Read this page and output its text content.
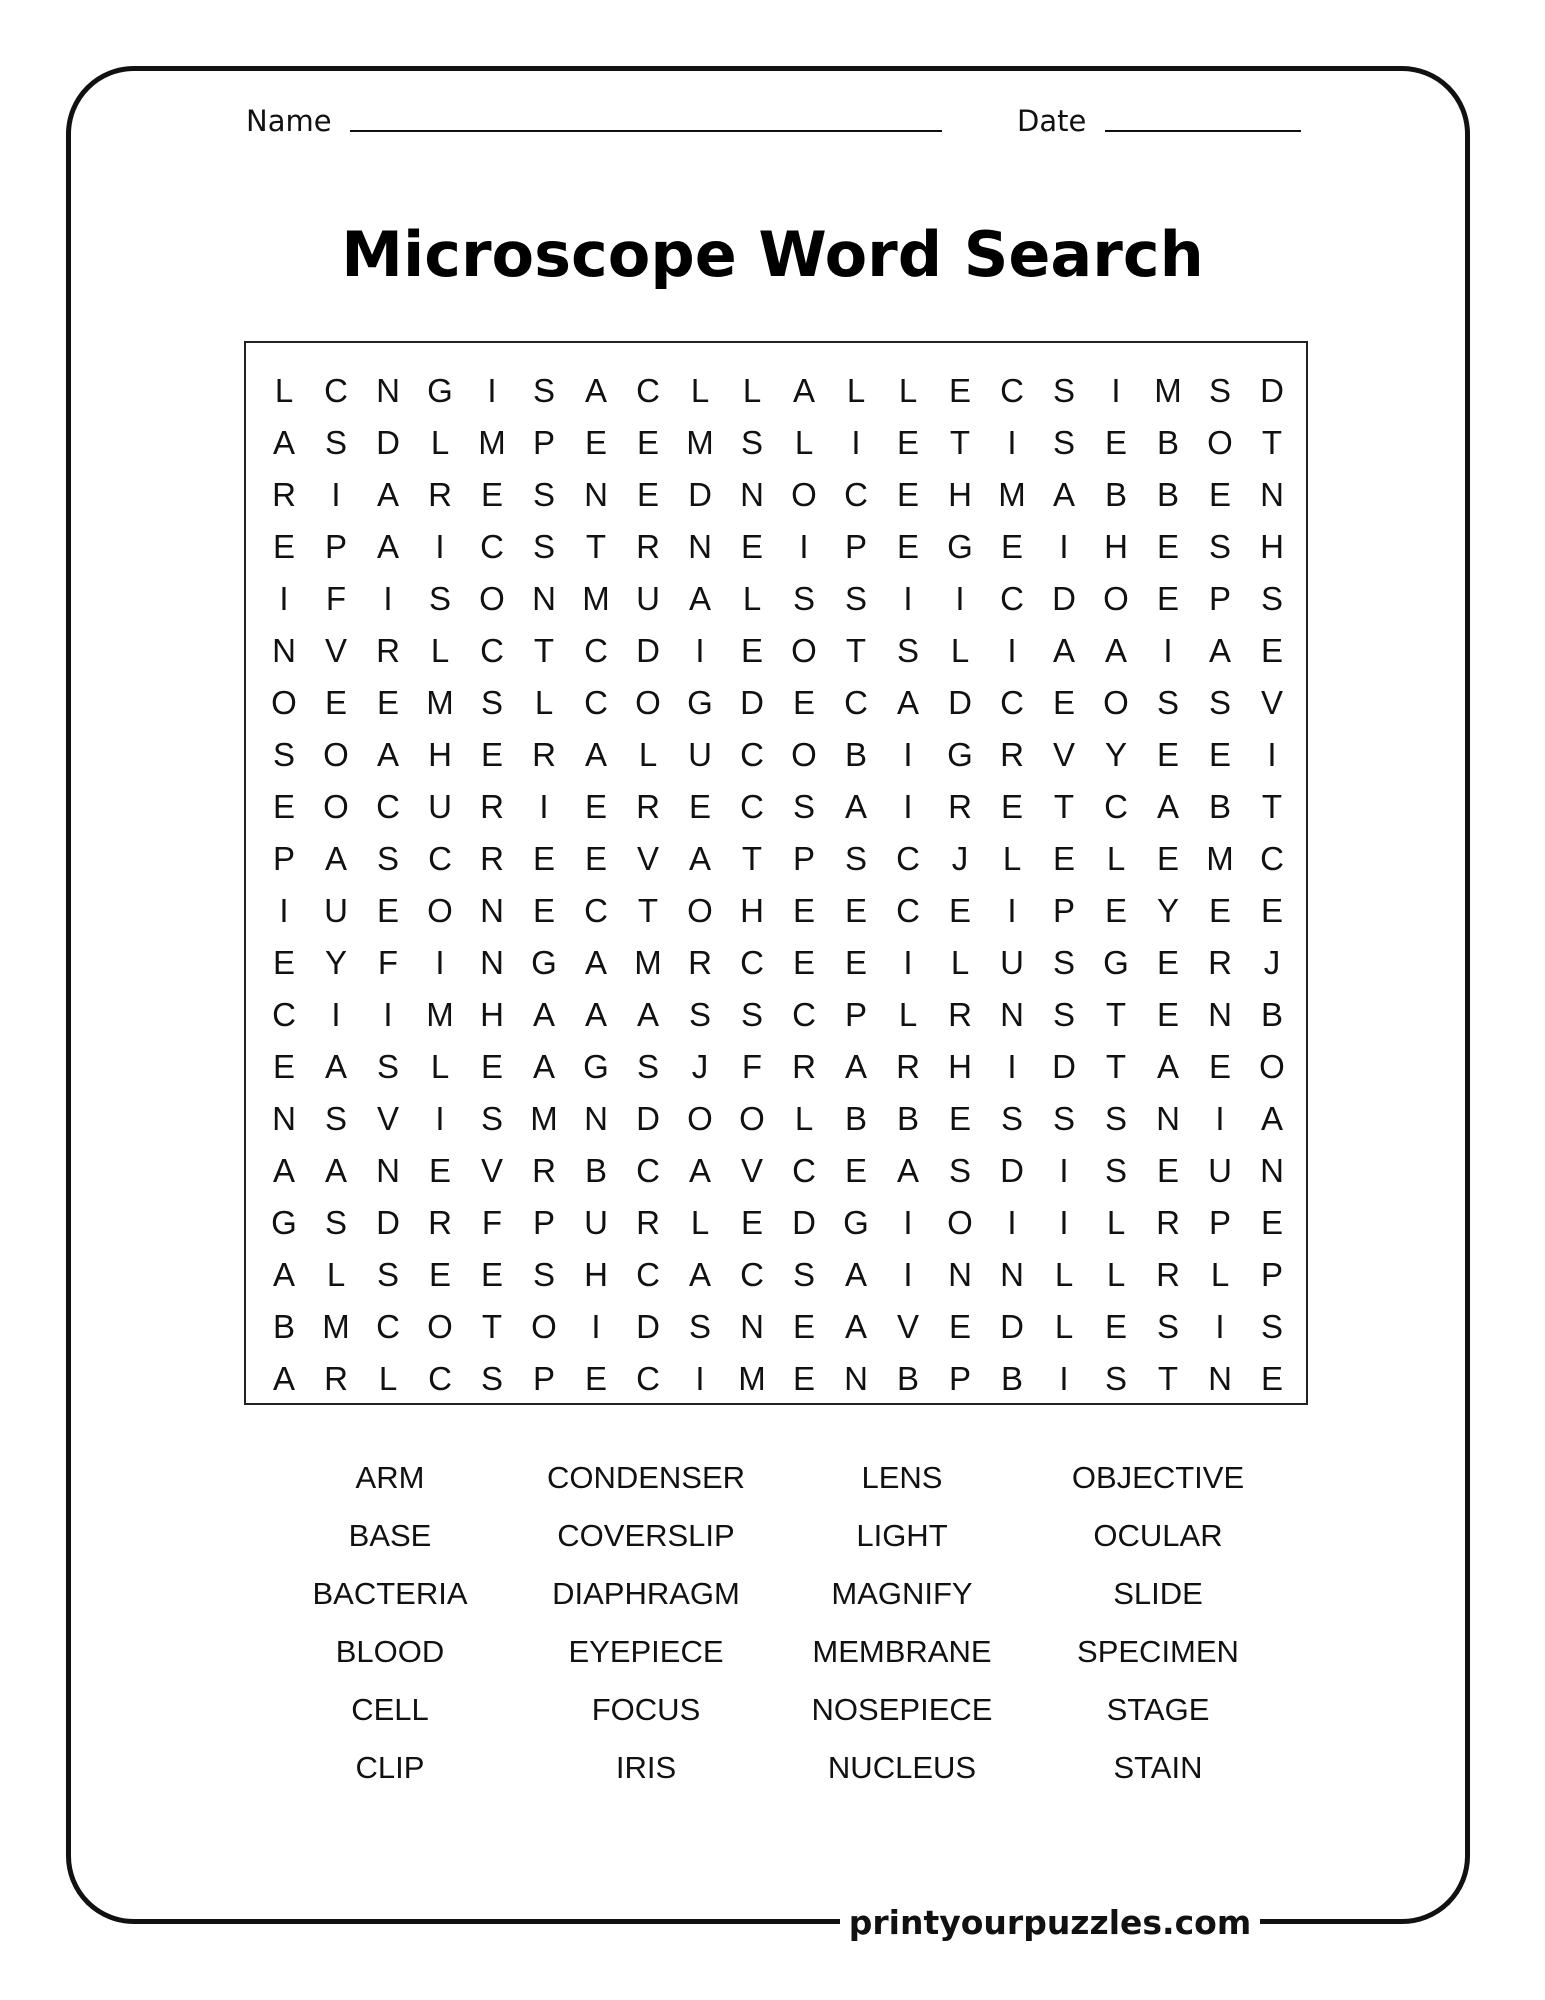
Name	Date
Microscope Word Search
L C N G	I	S A C L	L A L	L E C S	I	M S D
A S D L M P E E M S L	I	E T	I	S E B O T
R	I	A R E S N E D N O C E H M A B B E N
E P A	I	C S T R N E	I	P E G E	I	H E S H
I	F	I	S O N M U A L S S	I	I	C D O E P S
N V R L C T C D	I	E O T S L	I	A A	I	A E
O E E M S L C O G D E C A D C E O S S V
S O A H E R A L U C O B	I	G R V Y E E	I
E O C U R	I	E R E C S A	I	R E T C A B T
P A S C R E E V A T P S C J	L E L E M C
I	U E O N E C T O H E E C E	I	P E Y E E
E Y F	I	N G A M R C E E	I	L U S G E R J
C	I	I	M H A A A S S C P L R N S T E N B
E A S L E A G S J	F R A R H	I	D T A E O
N S V	I	S M N D O O L B B E S S S N	I	A
A A N E V R B C A V C E A S D	I	S E U N
G S D R F P U R L E D G	I	O	I	I	L R P E
A L S E E S H C A C S A	I	N N L	L R L P
B M C O T O	I	D S N E A V E D L E S	I	S
A R L C S P E C	I	M E N B P B	I	S T N E
ARM
BASE
BACTERIA
BLOOD
CELL
CLIP
CONDENSER
COVERSLIP
DIAPHRAGM
EYEPIECE
FOCUS
IRIS
LENS
LIGHT
MAGNIFY
MEMBRANE
NOSEPIECE
NUCLEUS
OBJECTIVE
OCULAR
SLIDE
SPECIMEN
STAGE
STAIN
printyourpuzzles.com
